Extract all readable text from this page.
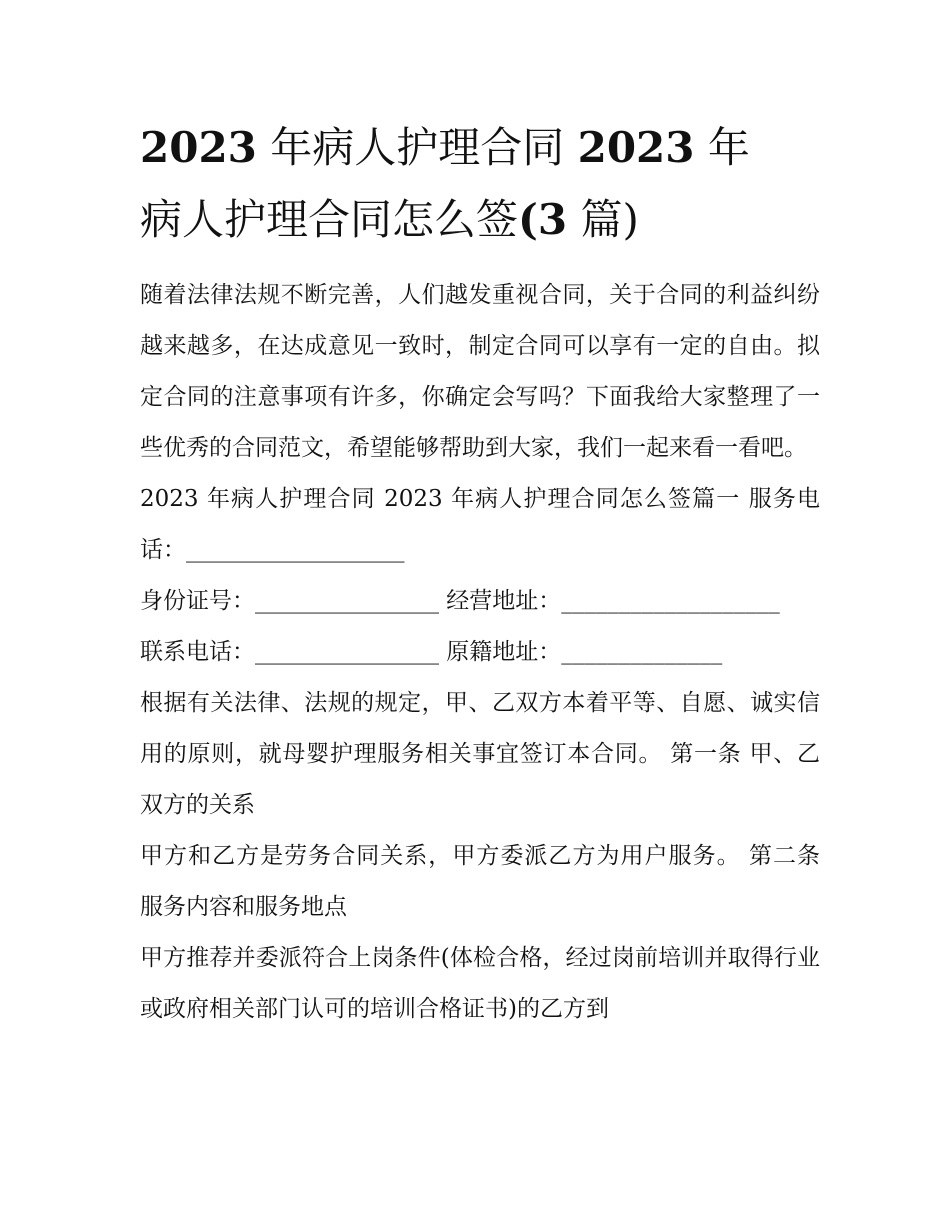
2023 年病人护理合同 2023 年
病人护理合同怎么签(3 篇)

随着法律法规不断完善，人们越发重视合同，关于合同的利益纠纷越来越多，在达成意见一致时，制定合同可以享有一定的自由。拟定合同的注意事项有许多，你确定会写吗？下面我给大家整理了一些优秀的合同范文，希望能够帮助到大家，我们一起来看一看吧。

2023 年病人护理合同 2023 年病人护理合同怎么签篇一 服务电话：___________________

身份证号：________________ 经营地址：___________________

联系电话：________________ 原籍地址：______________

根据有关法律、法规的规定，甲、乙双方本着平等、自愿、诚实信用的原则，就母婴护理服务相关事宜签订本合同。 第一条 甲、乙双方的关系

甲方和乙方是劳务合同关系，甲方委派乙方为用户服务。 第二条 服务内容和服务地点

甲方推荐并委派符合上岗条件(体检合格，经过岗前培训并取得行业或政府相关部门认可的培训合格证书)的乙方到
